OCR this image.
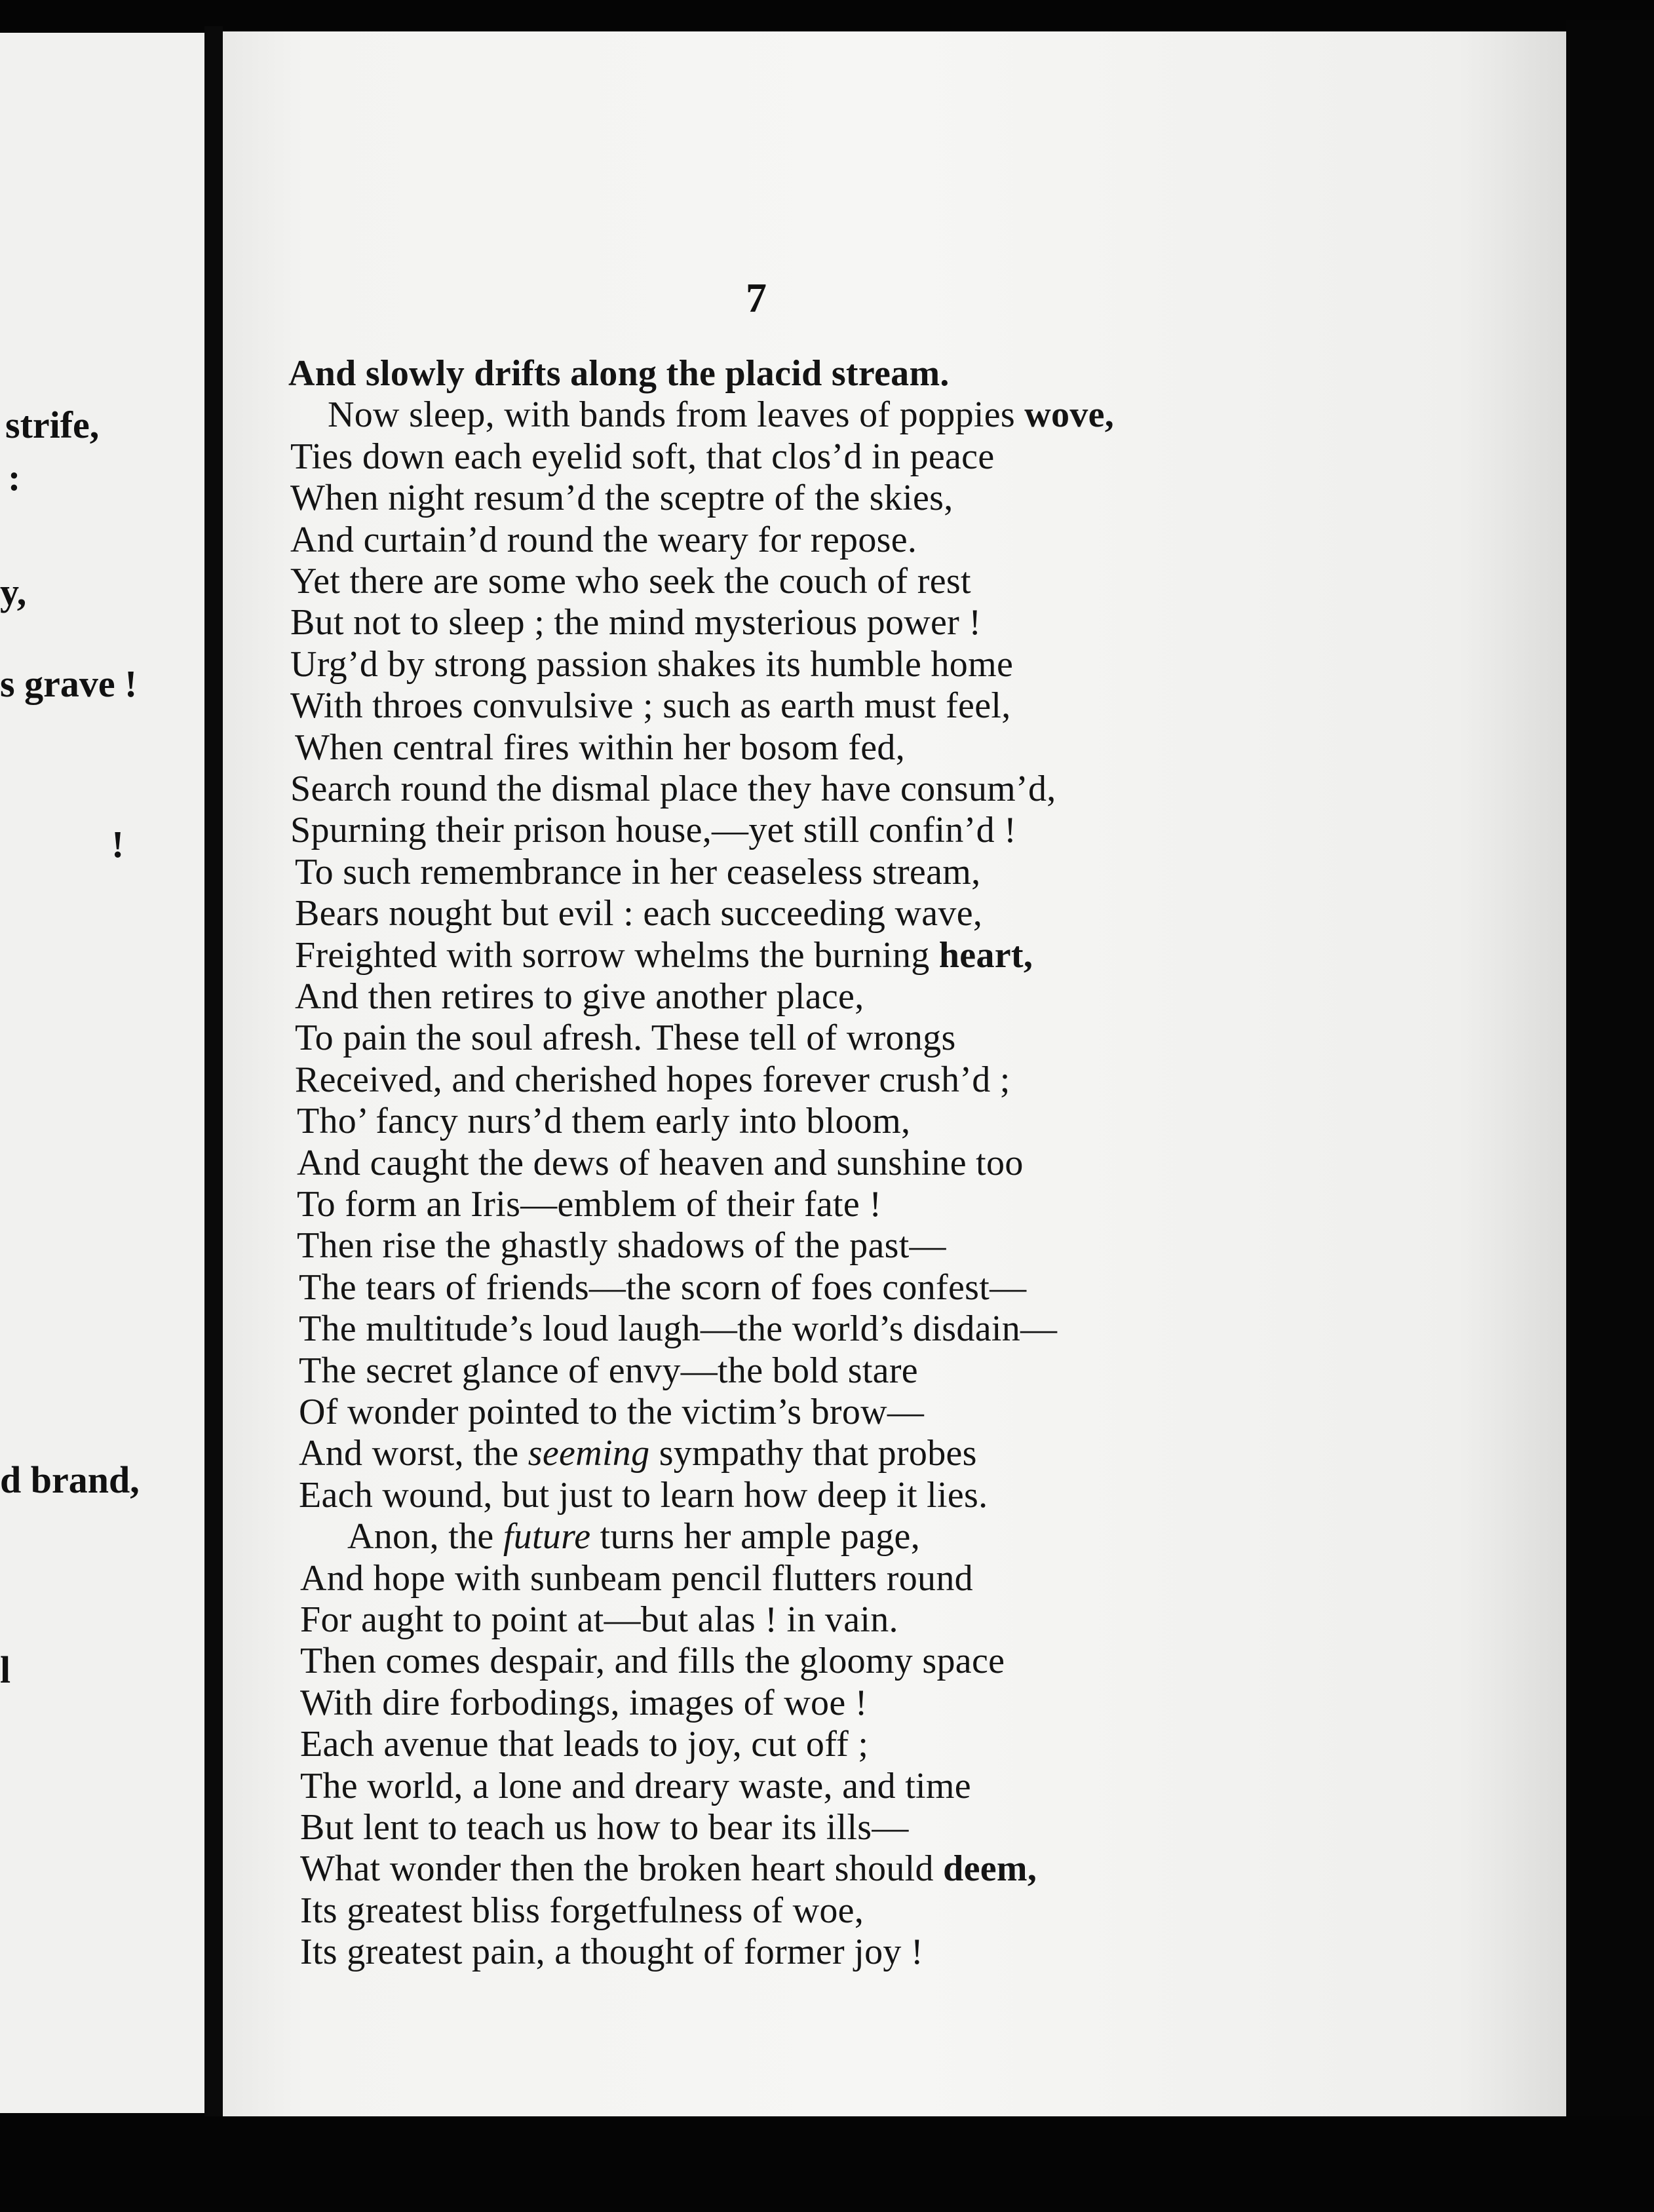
strife,
:
y,
s grave !
!
d brand,
l
7
And slowly drifts along the placid stream.
Now sleep, with bands from leaves of poppies wove,
Ties down each eyelid soft, that clos’d in peace
When night resum’d the sceptre of the skies,
And curtain’d round the weary for repose.
Yet there are some who seek the couch of rest
But not to sleep ; the mind mysterious power !
Urg’d by strong passion shakes its humble home
With throes convulsive ; such as earth must feel,
When central fires within her bosom fed,
Search round the dismal place they have consum’d,
Spurning their prison house,—yet still confin’d !
To such remembrance in her ceaseless stream,
Bears nought but evil : each succeeding wave,
Freighted with sorrow whelms the burning heart,
And then retires to give another place,
To pain the soul afresh. These tell of wrongs
Received, and cherished hopes forever crush’d ;
Tho’ fancy nurs’d them early into bloom,
And caught the dews of heaven and sunshine too
To form an Iris—emblem of their fate !
Then rise the ghastly shadows of the past—
The tears of friends—the scorn of foes confest—
The multitude’s loud laugh—the world’s disdain—
The secret glance of envy—the bold stare
Of wonder pointed to the victim’s brow—
And worst, the seeming sympathy that probes
Each wound, but just to learn how deep it lies.
Anon, the future turns her ample page,
And hope with sunbeam pencil flutters round
For aught to point at—but alas ! in vain.
Then comes despair, and fills the gloomy space
With dire forbodings, images of woe !
Each avenue that leads to joy, cut off ;
The world, a lone and dreary waste, and time
But lent to teach us how to bear its ills—
What wonder then the broken heart should deem,
Its greatest bliss forgetfulness of woe,
Its greatest pain, a thought of former joy !
